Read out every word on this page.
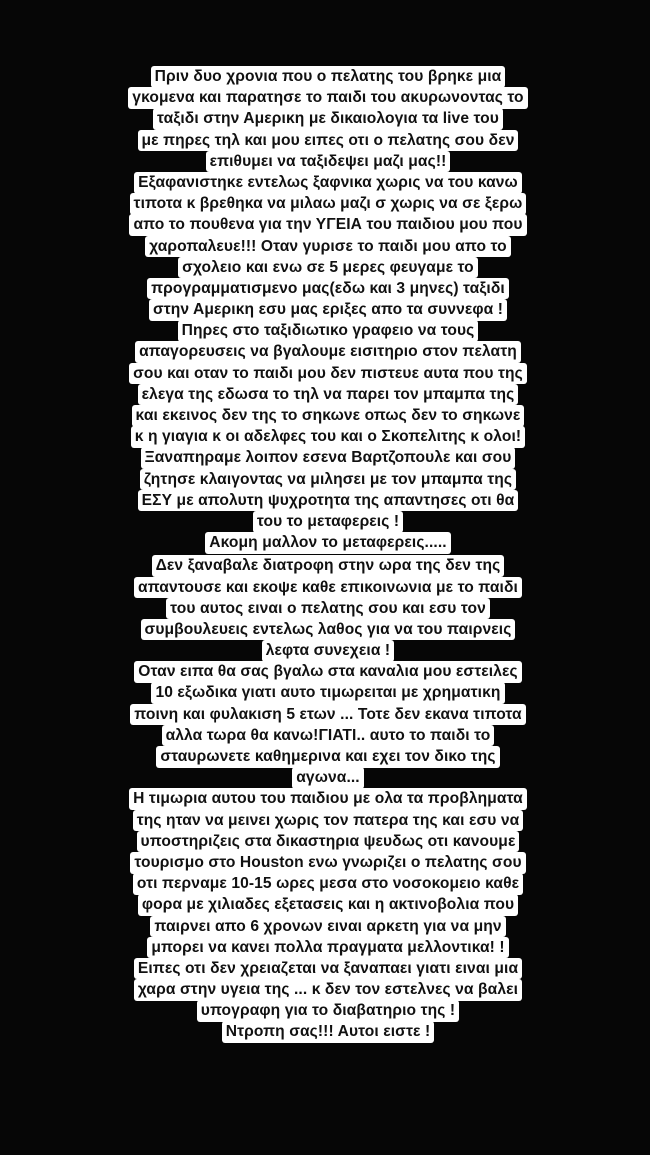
Πριν δυο χρονια που ο πελατης του βρηκε μια
γκομενα και παρατησε το παιδι του ακυρωνοντας το
ταξιδι στην Αμερικη με δικαιολογια τα live του
με πηρες τηλ και μου ειπες οτι ο πελατης σου δεν
επιθυμει να ταξιδεψει μαζι μας!!
Εξαφανιστηκε εντελως ξαφνικα χωρις να του κανω
τιποτα κ βρεθηκα να μιλαω μαζι σ χωρις να σε ξερω
απο το πουθενα για την ΥΓΕΙΑ του παιδιου μου που
χαροπαλευε!!! Οταν γυρισε το παιδι μου απο το
σχολειο και ενω σε 5 μερες φευγαμε το
προγραμματισμενο μας(εδω και 3 μηνες) ταξιδι
στην Αμερικη εσυ μας εριξες απο τα συννεφα !
Πηρες στο ταξιδιωτικο γραφειο να τους
απαγορευσεις να βγαλουμε εισιτηριο στον πελατη
σου και οταν το παιδι μου δεν πιστευε αυτα που της
ελεγα της εδωσα το τηλ να παρει τον μπαμπα της
και εκεινος δεν της το σηκωνε οπως δεν το σηκωνε
κ η γιαγια κ οι αδελφες του και ο Σκοπελιτης κ ολοι!
Ξαναπηραμε λοιπον εσενα Βαρτζοπουλε και σου
ζητησε κλαιγοντας να μιλησει με τον μπαμπα της
ΕΣΥ με απολυτη ψυχροτητα της απαντησες οτι θα
του το μεταφερεις !
Ακομη μαλλον το μεταφερεις.....
Δεν ξαναβαλε διατροφη στην ωρα της δεν της
απαντουσε και εκοψε καθε επικοινωνια με το παιδι
του αυτος ειναι ο πελατης σου και εσυ τον
συμβουλευεις εντελως λαθος για να του παιρνεις
λεφτα συνεχεια !
Οταν ειπα θα σας βγαλω στα καναλια μου εστειλες
10 εξωδικα γιατι αυτο τιμωρειται με χρηματικη
ποινη και φυλακιση 5 ετων ... Τοτε δεν εκανα τιποτα
αλλα τωρα θα κανω!ΓΙΑΤΙ.. αυτο το παιδι το
σταυρωνετε καθημερινα και εχει τον δικο της
αγωνα...
Η τιμωρια αυτου του παιδιου με ολα τα προβληματα
της ηταν να μεινει χωρις τον πατερα της και εσυ να
υποστηριζεις στα δικαστηρια ψευδως οτι κανουμε
τουρισμο στο Houston ενω γνωριζει ο πελατης σου
οτι περναμε 10-15 ωρες μεσα στο νοσοκομειο καθε
φορα με χιλιαδες εξετασεις και η ακτινοβολια που
παιρνει απο 6 χρονων ειναι αρκετη για να μην
μπορει να κανει πολλα πραγματα μελλοντικα! !
Ειπες οτι δεν χρειαζεται να ξαναπαει γιατι ειναι μια
χαρα στην υγεια της ... κ δεν τον εστελνες να βαλει
υπογραφη για το διαβατηριο της !
Ντροπη σας!!! Αυτοι ειστε !
